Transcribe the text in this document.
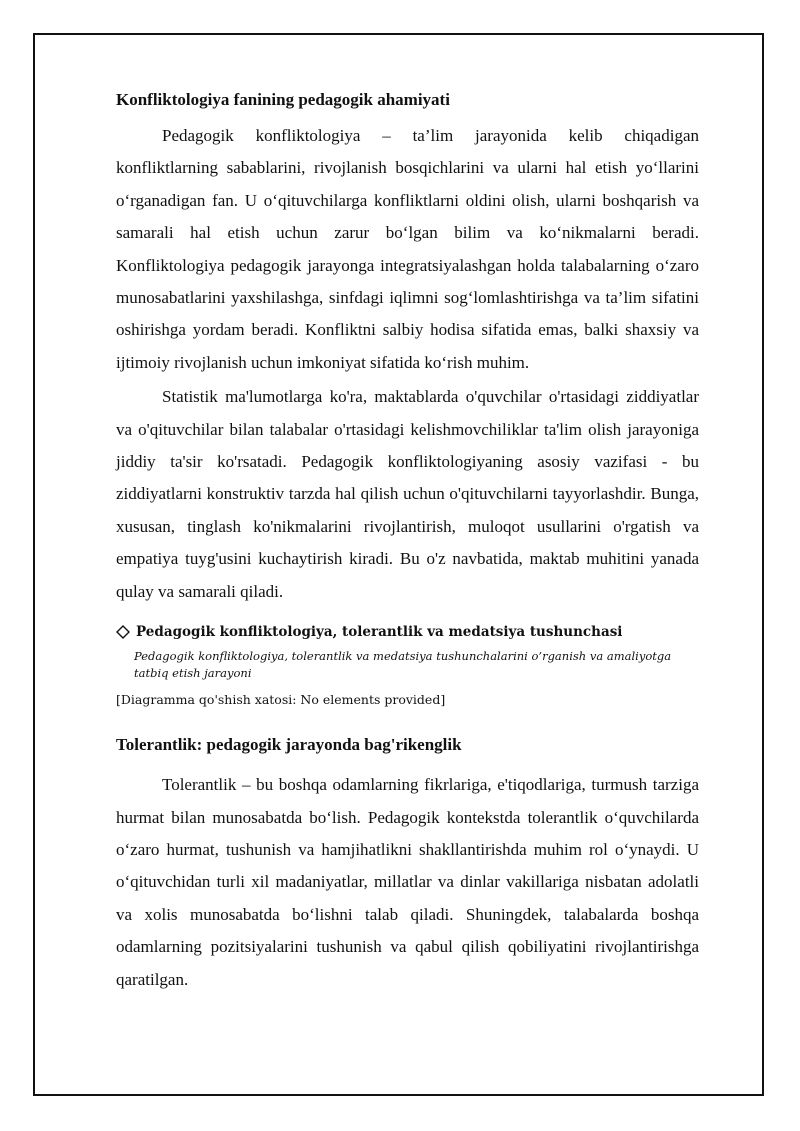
Konfliktologiya fanining pedagogik ahamiyati

Pedagogik konfliktologiya – ta’lim jarayonida kelib chiqadigan konfliktlarning sabablarini, rivojlanish bosqichlarini va ularni hal etish yo‘llarini o‘rganadigan fan. U o‘qituvchilarga konfliktlarni oldini olish, ularni boshqarish va samarali hal etish uchun zarur bo‘lgan bilim va ko‘nikmalarni beradi. Konfliktologiya pedagogik jarayonga integratsiyalashgan holda talabalarning o‘zaro munosabatlarini yaxshilashga, sinfdagi iqlimni sog‘lomlashtirishga va ta’lim sifatini oshirishga yordam beradi. Konfliktni salbiy hodisa sifatida emas, balki shaxsiy va ijtimoiy rivojlanish uchun imkoniyat sifatida ko‘rish muhim.

Statistik ma'lumotlarga ko'ra, maktablarda o'quvchilar o'rtasidagi ziddiyatlar va o'qituvchilar bilan talabalar o'rtasidagi kelishmovchiliklar ta'lim olish jarayoniga jiddiy ta'sir ko'rsatadi. Pedagogik konfliktologiyaning asosiy vazifasi - bu ziddiyatlarni konstruktiv tarzda hal qilish uchun o'qituvchilarni tayyorlashdir. Bunga, xususan, tinglash ko'nikmalarini rivojlantirish, muloqot usullarini o'rgatish va empatiya tuyg'usini kuchaytirish kiradi. Bu o'z navbatida, maktab muhitini yanada qulay va samarali qiladi.

Pedagogik konfliktologiya, tolerantlik va medatsiya tushunchasi
Pedagogik konfliktologiya, tolerantlik va medatsiya tushunchalarini o’rganish va amaliyotga tatbiq etish jarayoni
[Diagramma qo'shish xatosi: No elements provided]
Tolerantlik: pedagogik jarayonda bag'rikenglik

Tolerantlik – bu boshqa odamlarning fikrlariga, e'tiqodlariga, turmush tarziga hurmat bilan munosabatda bo‘lish. Pedagogik kontekstda tolerantlik o‘quvchilarda o‘zaro hurmat, tushunish va hamjihatlikni shakllantirishda muhim rol o‘ynaydi. U o‘qituvchidan turli xil madaniyatlar, millatlar va dinlar vakillariga nisbatan adolatli va xolis munosabatda bo‘lishni talab qiladi. Shuningdek, talabalarda boshqa odamlarning pozitsiyalarini tushunish va qabul qilish qobiliyatini rivojlantirishga qaratilgan.
